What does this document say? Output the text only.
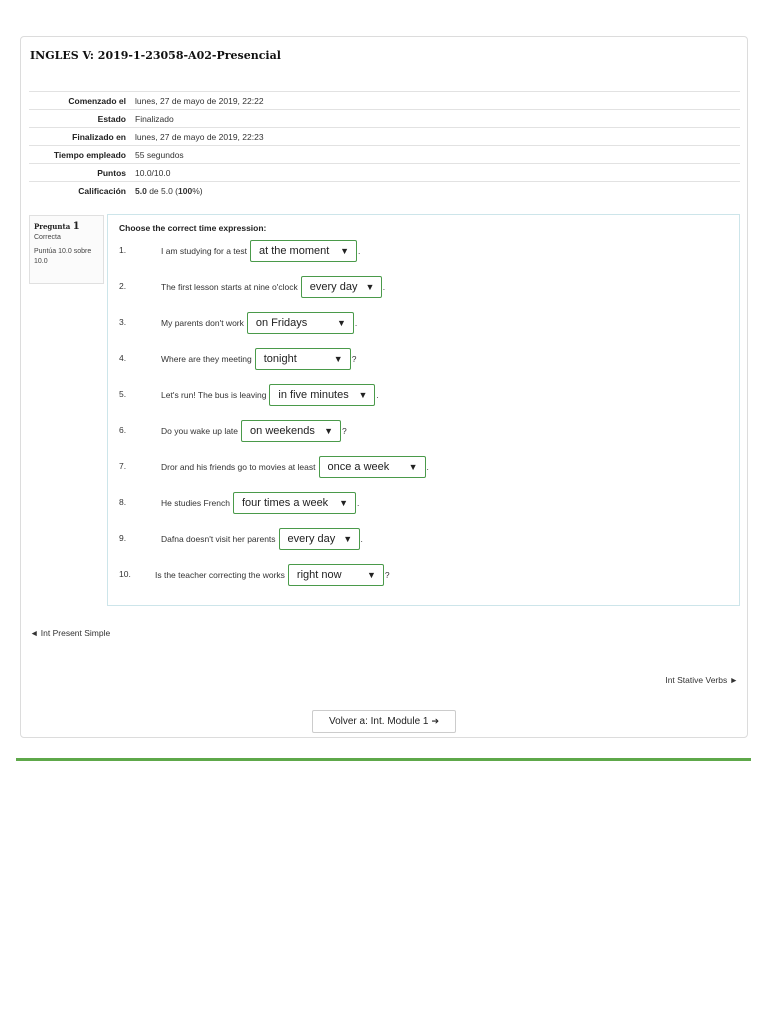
INGLES V: 2019-1-23058-A02-Presencial
Comenzado el	lunes, 27 de mayo de 2019, 22:22
Estado	Finalizado
Finalizado en	lunes, 27 de mayo de 2019, 22:23
Tiempo empleado	55 segundos
Puntos	10.0/10.0
Calificación	5.0 de 5.0 (100%)
Pregunta 1
Correcta
Puntúa 10.0 sobre 10.0
Choose the correct time expression:
1.	I am studying for a test at the moment ▼ .
2.	The first lesson starts at nine o'clock every day ▼ .
3.	My parents don't work on Fridays	▼ .
4.	Where are they meeting tonight	▼ ?
5.	Let's run! The bus is leaving in five minutes ▼ .
6.	Do you wake up late on weekends ▼ ?
7.	Dror and his friends go to movies at least once a week ▼ .
8.	He studies French four times a week ▼ .
9.	Dafna doesn't visit her parents every day ▼ .
10.	Is the teacher correcting the works right now	▼ ?
◄ Int Present Simple
Int Stative Verbs ►
Volver a: Int. Module 1 ➔
